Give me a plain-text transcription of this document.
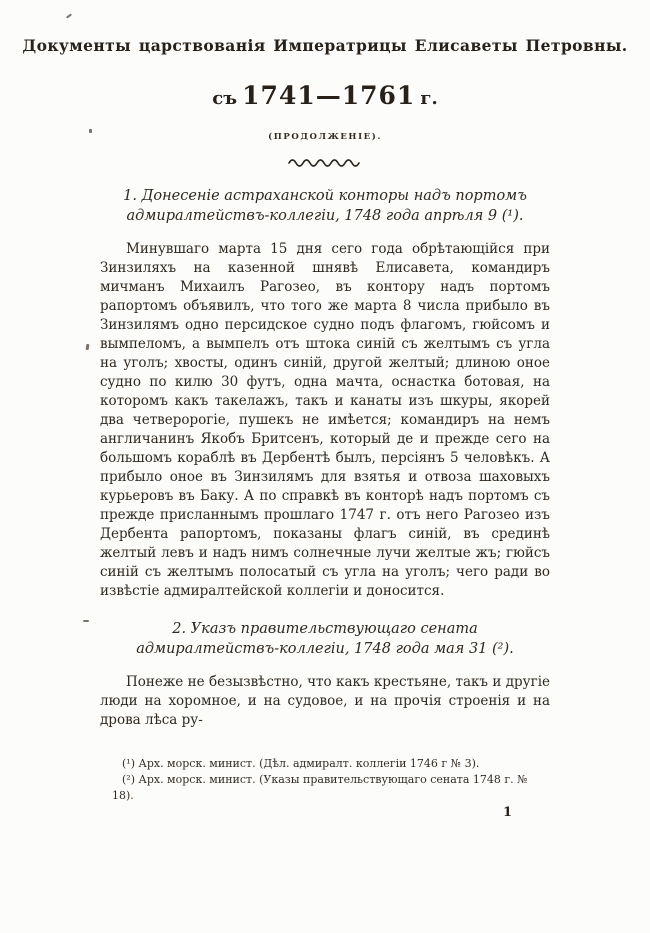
Документы царствованія Императрицы Елисаветы Петровны.
съ 1741—1761 г.
(ПРОДОЛЖЕНІЕ).
1. Донесеніе астраханской конторы надъ портомъ адмиралтействъ-коллегіи, 1748 года апрѣля 9 (¹).

Минувшаго марта 15 дня сего года обрѣтающійся при Зинзиляхъ на казенной шнявѣ Елисавета, командиръ мичманъ Михаилъ Рагозео, въ контору надъ портомъ рапортомъ объявилъ, что того же марта 8 числа прибыло въ Зинзилямъ одно персидское судно подъ флагомъ, гюйсомъ и вымпеломъ, а вымпелъ отъ штока синій съ желтымъ съ угла на уголъ; хвосты, одинъ синій, другой желтый; длиною оное судно по килю 30 футъ, одна мачта, оснастка ботовая, на которомъ какъ такелажъ, такъ и канаты изъ шкуры, якорей два четверорогіе, пушекъ не имѣется; командиръ на немъ англичанинъ Якобъ Бритсенъ, который де и прежде сего на большомъ кораблѣ въ Дербентѣ былъ, персіянъ 5 человѣкъ. А прибыло оное въ Зинзилямъ для взятья и отвоза шаховыхъ курьеровъ въ Баку. А по справкѣ въ конторѣ надъ портомъ съ прежде присланнымъ прошлаго 1747 г. отъ него Рагозео изъ Дербента рапортомъ, показаны флагъ синій, въ срединѣ желтый левъ и надъ нимъ солнечные лучи желтые жъ; гюйсъ синій съ желтымъ полосатый съ угла на уголъ; чего ради во извѣстіе адмиралтейской коллегіи и доносится.

2. Указъ правительствующаго сената адмиралтействъ-коллегіи, 1748 года мая 31 (²).

Понеже не безызвѣстно, что какъ крестьяне, такъ и другіе люди на хоромное, и на судовое, и на прочія строенія и на дрова лѣса ру-

(¹) Арх. морск. минист. (Дѣл. адмиралт. коллегіи 1746 г № 3).

(²) Арх. морск. минист. (Указы правительствующаго сената 1748 г. № 18).

1
